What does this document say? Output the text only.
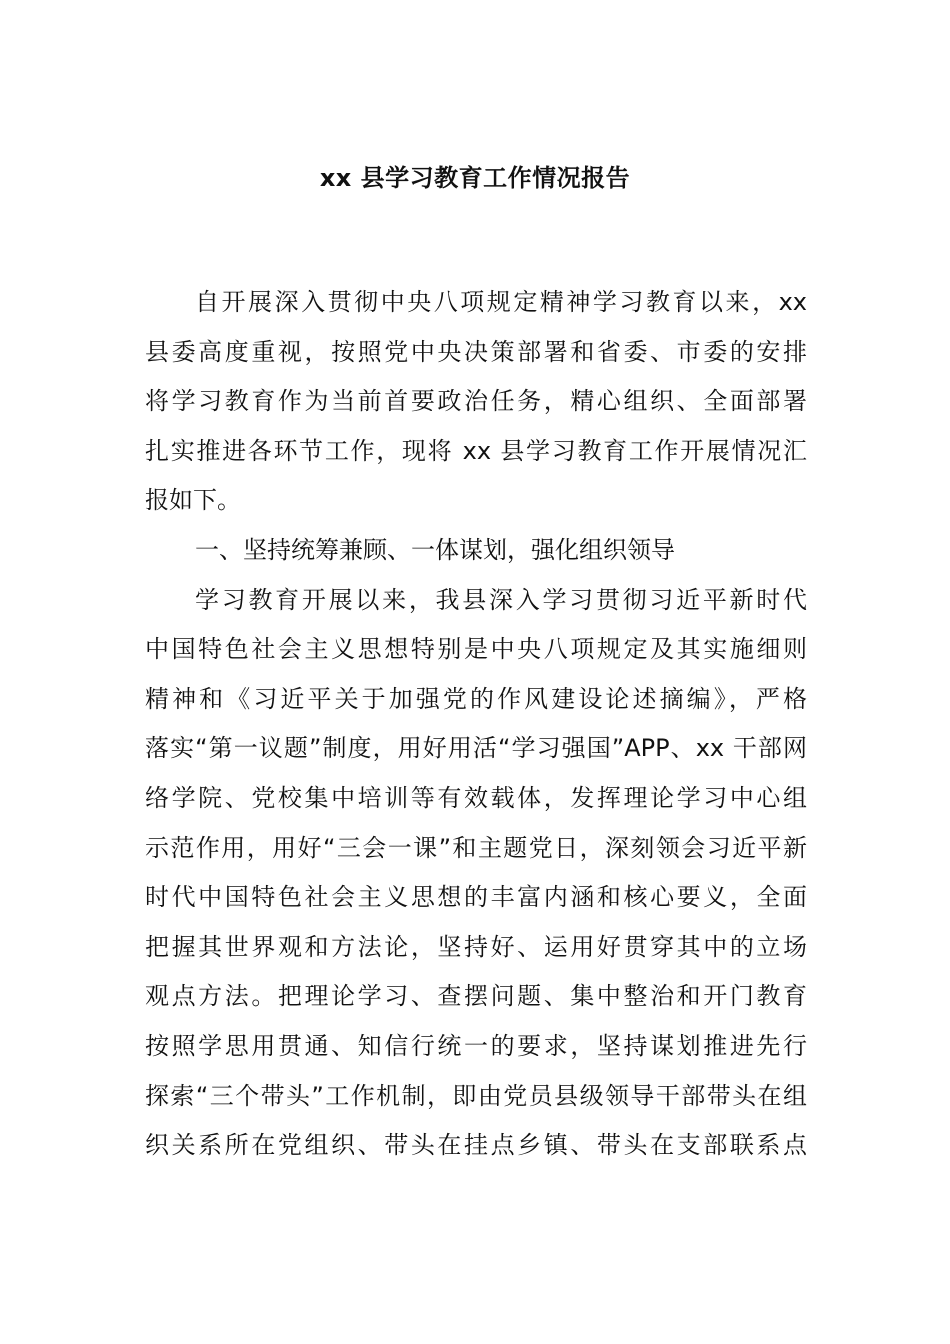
xx 县学习教育工作情况报告
自开展深入贯彻中央八项规定精神学习教育以来，xx
县委高度重视，按照党中央决策部署和省委、市委的安排
将学习教育作为当前首要政治任务，精心组织、全面部署
扎实推进各环节工作，现将 xx 县学习教育工作开展情况汇
报如下。
一、坚持统筹兼顾、一体谋划，强化组织领导
学习教育开展以来，我县深入学习贯彻习近平新时代
中国特色社会主义思想特别是中央八项规定及其实施细则
精神和《习近平关于加强党的作风建设论述摘编》，严格
落实“第一议题”制度，用好用活“学习强国”APP、xx 干部网
络学院、党校集中培训等有效载体，发挥理论学习中心组
示范作用，用好“三会一课”和主题党日，深刻领会习近平新
时代中国特色社会主义思想的丰富内涵和核心要义，全面
把握其世界观和方法论，坚持好、运用好贯穿其中的立场
观点方法。把理论学习、查摆问题、集中整治和开门教育
按照学思用贯通、知信行统一的要求，坚持谋划推进先行
探索“三个带头”工作机制，即由党员县级领导干部带头在组
织关系所在党组织、带头在挂点乡镇、带头在支部联系点
